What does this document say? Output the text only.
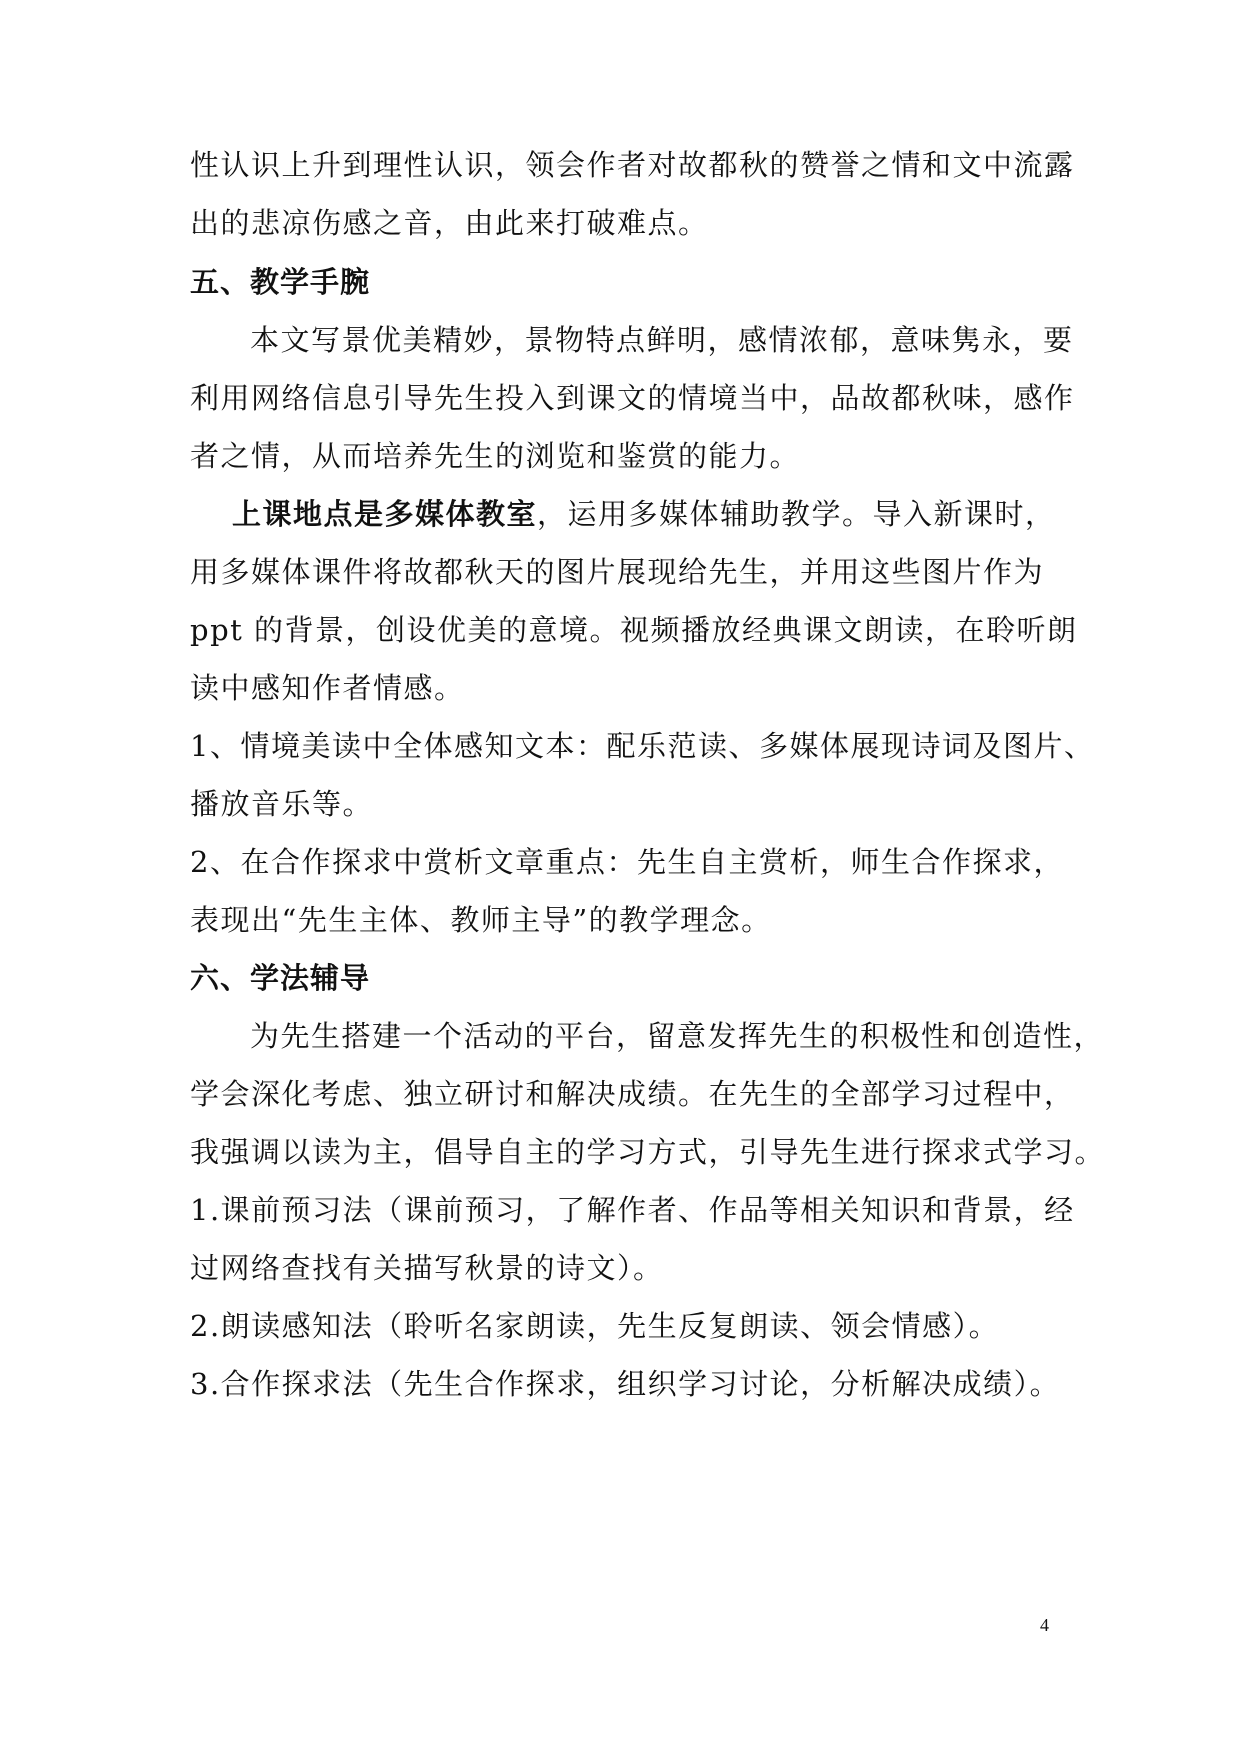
性认识上升到理性认识，领会作者对故都秋的赞誉之情和文中流露
出的悲凉伤感之音，由此来打破难点。
五、教学手腕
本文写景优美精妙，景物特点鲜明，感情浓郁，意味隽永，要
利用网络信息引导先生投入到课文的情境当中，品故都秋味，感作
者之情，从而培养先生的浏览和鉴赏的能力。
上课地点是多媒体教室，运用多媒体辅助教学。导入新课时，
用多媒体课件将故都秋天的图片展现给先生，并用这些图片作为
ppt 的背景，创设优美的意境。视频播放经典课文朗读，在聆听朗
读中感知作者情感。
1、情境美读中全体感知文本：配乐范读、多媒体展现诗词及图片、
播放音乐等。
2、在合作探求中赏析文章重点：先生自主赏析，师生合作探求，
表现出“先生主体、教师主导”的教学理念。
六、学法辅导
为先生搭建一个活动的平台，留意发挥先生的积极性和创造性，
学会深化考虑、独立研讨和解决成绩。在先生的全部学习过程中，
我强调以读为主，倡导自主的学习方式，引导先生进行探求式学习。
1.课前预习法（课前预习，了解作者、作品等相关知识和背景，经
过网络查找有关描写秋景的诗文）。
2.朗读感知法（聆听名家朗读，先生反复朗读、领会情感）。
3.合作探求法（先生合作探求，组织学习讨论，分析解决成绩）。
4
